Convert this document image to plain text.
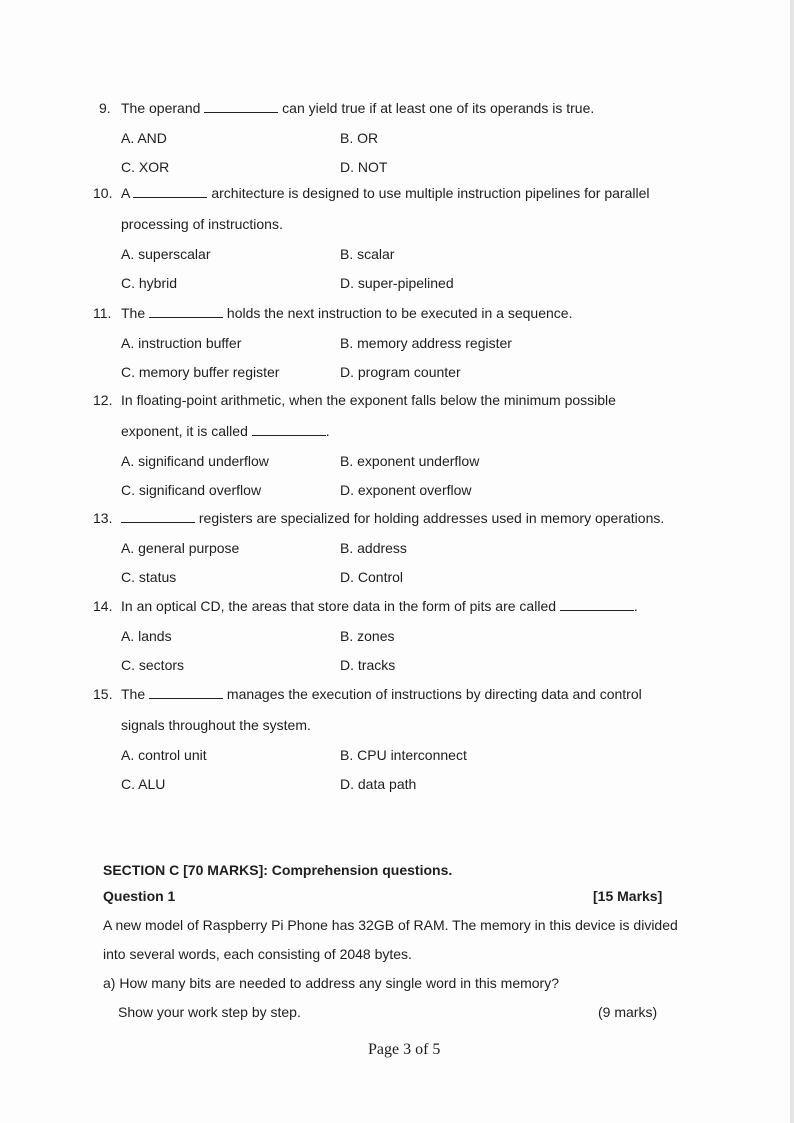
9. The operand	can yield true if at least one of its operands is true.
A. AND	B. OR
C. XOR	D. NOT
10. A	architecture is designed to use multiple instruction pipelines for parallel
processing of instructions.
A. superscalar	B. scalar
C. hybrid	D. super-pipelined
11. The	holds the next instruction to be executed in a sequence.
A. instruction buffer	B. memory address register
C. memory buffer register	D. program counter
12. In floating-point arithmetic, when the exponent falls below the minimum possible
exponent, it is called	.
A. significand underflow	B. exponent underflow
C. significand overflow	D. exponent overflow
13.	registers are specialized for holding addresses used in memory operations.
A. general purpose	B. address
C. status	D. Control
14. In an optical CD, the areas that store data in the form of pits are called	.
A. lands	B. zones
C. sectors	D. tracks
15. The	manages the execution of instructions by directing data and control
signals throughout the system.
A. control unit	B. CPU interconnect
C. ALU	D. data path
SECTION C [70 MARKS]: Comprehension questions.
Question 1	[15 Marks]
A new model of Raspberry Pi Phone has 32GB of RAM. The memory in this device is divided
into several words, each consisting of 2048 bytes.
a) How many bits are needed to address any single word in this memory?
Show your work step by step.	(9 marks)
Page 3 of 5
